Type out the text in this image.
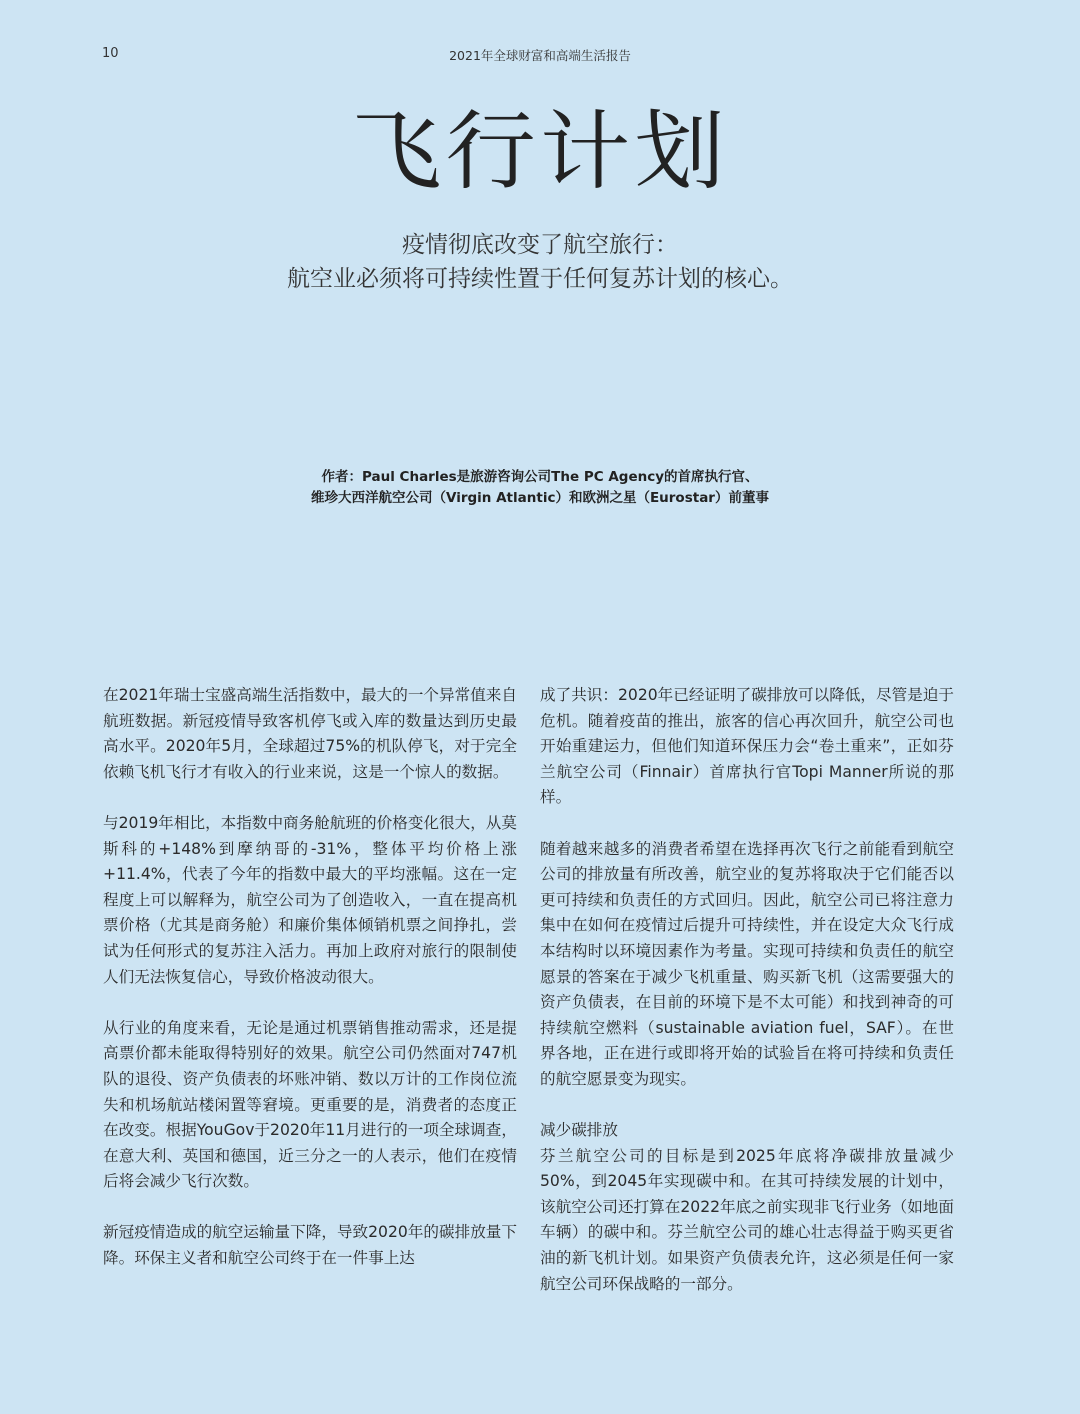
10	2021年全球财富和高端生活报告
飞行计划
疫情彻底改变了航空旅行：
航空业必须将可持续性置于任何复苏计划的核心。
作者：Paul Charles是旅游咨询公司The PC Agency的首席执行官、
维珍大西洋航空公司（Virgin Atlantic）和欧洲之星（Eurostar）前董事

在2021年瑞士宝盛高端生活指数中，最大的一个异常值来自航班数据。新冠疫情导致客机停飞或入库的数量达到历史最高水平。2020年5月，全球超过75%的机队停飞，对于完全依赖飞机飞行才有收入的行业来说，这是一个惊人的数据。

与2019年相比，本指数中商务舱航班的价格变化很大，从莫斯科的+148%到摩纳哥的-31%，整体平均价格上涨+11.4%，代表了今年的指数中最大的平均涨幅。这在一定程度上可以解释为，航空公司为了创造收入，一直在提高机票价格（尤其是商务舱）和廉价集体倾销机票之间挣扎，尝试为任何形式的复苏注入活力。再加上政府对旅行的限制使人们无法恢复信心，导致价格波动很大。

从行业的角度来看，无论是通过机票销售推动需求，还是提高票价都未能取得特别好的效果。航空公司仍然面对747机队的退役、资产负债表的坏账冲销、数以万计的工作岗位流失和机场航站楼闲置等窘境。更重要的是，消费者的态度正在改变。根据YouGov于2020年11月进行的一项全球调查，在意大利、英国和德国，近三分之一的人表示，他们在疫情后将会减少飞行次数。

新冠疫情造成的航空运输量下降，导致2020年的碳排放量下降。环保主义者和航空公司终于在一件事上达

成了共识：2020年已经证明了碳排放可以降低，尽管是迫于危机。随着疫苗的推出，旅客的信心再次回升，航空公司也开始重建运力，但他们知道环保压力会“卷土重来”，正如芬兰航空公司（Finnair）首席执行官Topi Manner所说的那样。

随着越来越多的消费者希望在选择再次飞行之前能看到航空公司的排放量有所改善，航空业的复苏将取决于它们能否以更可持续和负责任的方式回归。因此，航空公司已将注意力集中在如何在疫情过后提升可持续性，并在设定大众飞行成本结构时以环境因素作为考量。实现可持续和负责任的航空愿景的答案在于减少飞机重量、购买新飞机（这需要强大的资产负债表，在目前的环境下是不太可能）和找到神奇的可持续航空燃料（sustainable aviation fuel，SAF）。在世界各地，正在进行或即将开始的试验旨在将可持续和负责任的航空愿景变为现实。

减少碳排放

芬兰航空公司的目标是到2025年底将净碳排放量减少50%，到2045年实现碳中和。在其可持续发展的计划中，该航空公司还打算在2022年底之前实现非飞行业务（如地面车辆）的碳中和。芬兰航空公司的雄心壮志得益于购买更省油的新飞机计划。如果资产负债表允许，这必须是任何一家航空公司环保战略的一部分。
